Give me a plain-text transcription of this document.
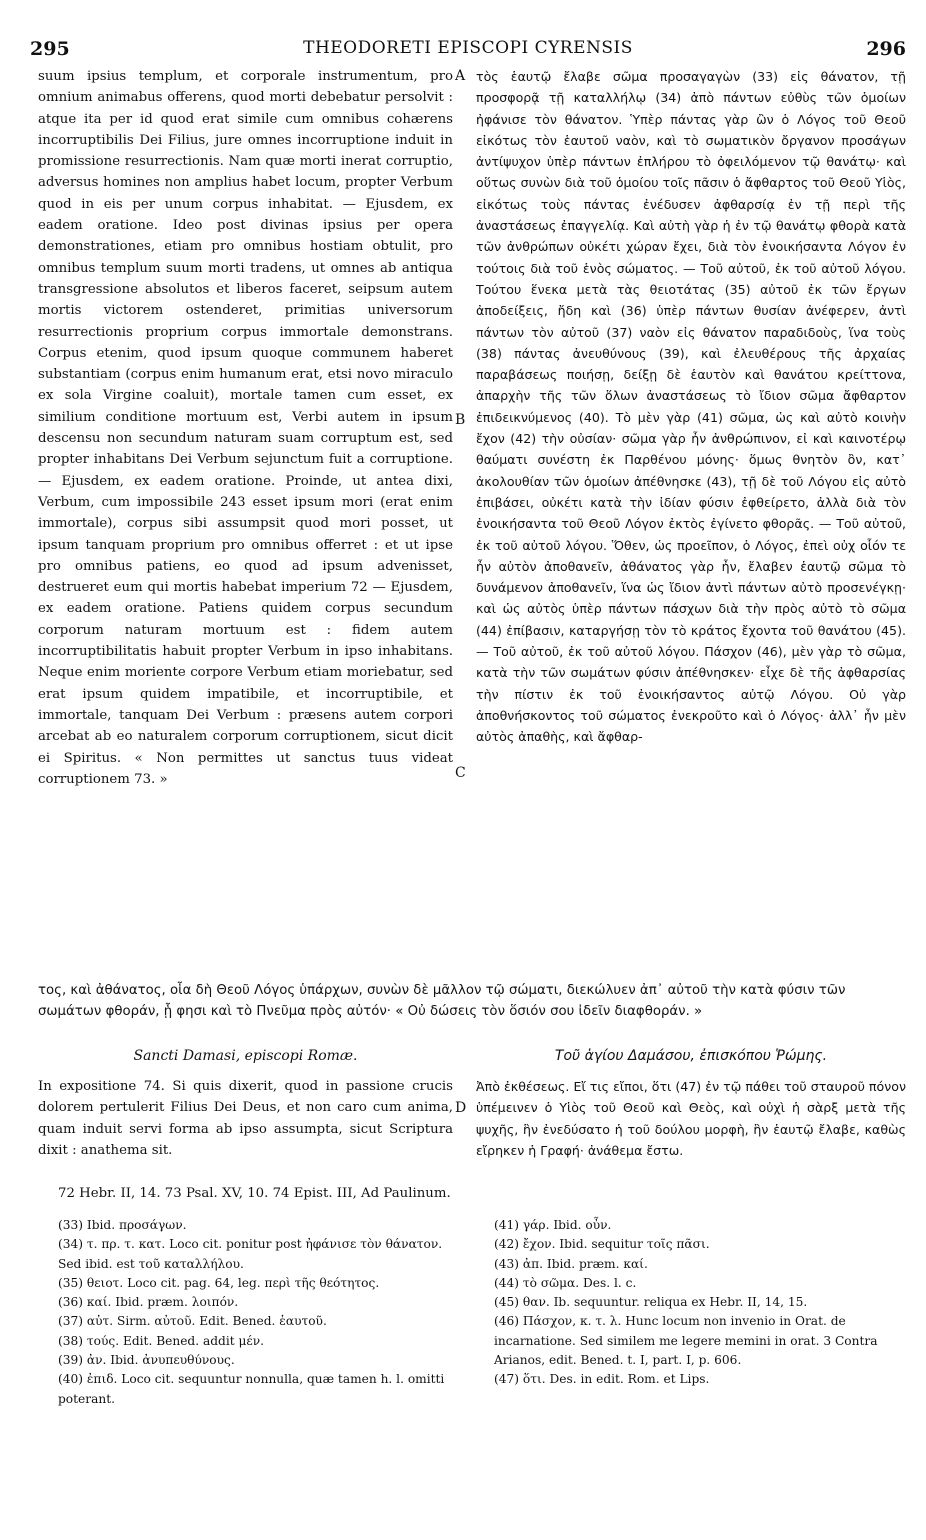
295	THEODORETI EPISCOPI CYRENSIS	296

suum ipsius templum, et corporale instrumentum, pro omnium animabus offerens, quod morti debebatur persolvit : atque ita per id quod erat simile cum omnibus cohærens incorruptibilis Dei Filius, jure omnes incorruptione induit in promissione resurrectionis. Nam quæ morti inerat corruptio, adversus homines non amplius habet locum, propter Verbum quod in eis per unum corpus inhabitat. — Ejusdem, ex eadem oratione. Ideo post divinas ipsius per opera demonstrationes, etiam pro omnibus hostiam obtulit, pro omnibus templum suum morti tradens, ut omnes ab antiqua transgressione absolutos et liberos faceret, seipsum autem mortis victorem ostenderet, primitias universorum resurrectionis proprium corpus immortale demonstrans. Corpus etenim, quod ipsum quoque communem haberet substantiam (corpus enim humanum erat, etsi novo miraculo ex sola Virgine coaluit), mortale tamen cum esset, ex similium conditione mortuum est, Verbi autem in ipsum descensu non secundum naturam suam corruptum est, sed propter inhabitans Dei Verbum sejunctum fuit a corruptione. — Ejusdem, ex eadem oratione. Proinde, ut antea dixi, Verbum, cum impossibile 243 esset ipsum mori (erat enim immortale), corpus sibi assumpsit quod mori posset, ut ipsum tanquam proprium pro omnibus offerret : et ut ipse pro omnibus patiens, eo quod ad ipsum advenisset, destrueret eum qui mortis habebat imperium 72 — Ejusdem, ex eadem oratione. Patiens quidem corpus secundum corporum naturam mortuum est : fidem autem incorruptibilitatis habuit propter Verbum in ipso inhabitans. Neque enim moriente corpore Verbum etiam moriebatur, sed erat ipsum quidem impatibile, et incorruptibile, et immortale, tanquam Dei Verbum : præsens autem corpori arcebat ab eo naturalem corporum corruptionem, sicut dicit ei Spiritus. « Non permittes ut sanctus tuus videat corruptionem 73. »

A
B
C
D

τὸς ἑαυτῷ ἔλαβε σῶμα προσαγαγὼν (33) εἰς θάνατον, τῇ προσφορᾷ τῇ καταλλήλῳ (34) ἀπὸ πάντων εὐθὺς τῶν ὁμοίων ἠφάνισε τὸν θάνατον. Ὑπὲρ πάντας γὰρ ὢν ὁ Λόγος τοῦ Θεοῦ εἰκότως τὸν ἑαυτοῦ ναὸν, καὶ τὸ σωματικὸν ὄργανον προσάγων ἀντίψυχον ὑπὲρ πάντων ἐπλήρου τὸ ὀφειλόμενον τῷ θανάτῳ· καὶ οὕτως συνὼν διὰ τοῦ ὁμοίου τοῖς πᾶσιν ὁ ἄφθαρτος τοῦ Θεοῦ Υἱὸς, εἰκότως τοὺς πάντας ἐνέδυσεν ἀφθαρσίᾳ ἐν τῇ περὶ τῆς ἀναστάσεως ἐπαγγελίᾳ. Καὶ αὐτὴ γὰρ ἡ ἐν τῷ θανάτῳ φθορὰ κατὰ τῶν ἀνθρώπων οὐκέτι χώραν ἔχει, διὰ τὸν ἐνοικήσαντα Λόγον ἐν τούτοις διὰ τοῦ ἑνὸς σώματος. — Τοῦ αὐτοῦ, ἐκ τοῦ αὐτοῦ λόγου. Τούτου ἕνεκα μετὰ τὰς θειοτάτας (35) αὐτοῦ ἐκ τῶν ἔργων ἀποδείξεις, ἤδη καὶ (36) ὑπὲρ πάντων θυσίαν ἀνέφερεν, ἀντὶ πάντων τὸν αὐτοῦ (37) ναὸν εἰς θάνατον παραδιδοὺς, ἵνα τοὺς (38) πάντας ἀνευθύνους (39), καὶ ἐλευθέρους τῆς ἀρχαίας παραβάσεως ποιήσῃ, δείξῃ δὲ ἑαυτὸν καὶ θανάτου κρείττονα, ἀπαρχὴν τῆς τῶν ὅλων ἀναστάσεως τὸ ἴδιον σῶμα ἄφθαρτον ἐπιδεικνύμενος (40). Τὸ μὲν γὰρ (41) σῶμα, ὡς καὶ αὐτὸ κοινὴν ἔχον (42) τὴν οὐσίαν· σῶμα γὰρ ἦν ἀνθρώπινον, εἰ καὶ καινοτέρῳ θαύματι συνέστη ἐκ Παρθένου μόνης· ὅμως θνητὸν ὂν, κατ᾽ ἀκολουθίαν τῶν ὁμοίων ἀπέθνησκε (43), τῇ δὲ τοῦ Λόγου εἰς αὐτὸ ἐπιβάσει, οὐκέτι κατὰ τὴν ἰδίαν φύσιν ἐφθείρετο, ἀλλὰ διὰ τὸν ἐνοικήσαντα τοῦ Θεοῦ Λόγον ἐκτὸς ἐγίνετο φθορᾶς. — Τοῦ αὐτοῦ, ἐκ τοῦ αὐτοῦ λόγου. Ὅθεν, ὡς προεῖπον, ὁ Λόγος, ἐπεὶ οὐχ οἷόν τε ἦν αὐτὸν ἀποθανεῖν, ἀθάνατος γὰρ ἦν, ἔλαβεν ἑαυτῷ σῶμα τὸ δυνάμενον ἀποθανεῖν, ἵνα ὡς ἴδιον ἀντὶ πάντων αὐτὸ προσενέγκῃ· καὶ ὡς αὐτὸς ὑπὲρ πάντων πάσχων διὰ τὴν πρὸς αὐτὸ τὸ σῶμα (44) ἐπίβασιν, καταργήσῃ τὸν τὸ κράτος ἔχοντα τοῦ θανάτου (45). — Τοῦ αὐτοῦ, ἐκ τοῦ αὐτοῦ λόγου. Πάσχον (46), μὲν γὰρ τὸ σῶμα, κατὰ τὴν τῶν σωμάτων φύσιν ἀπέθνησκεν· εἶχε δὲ τῆς ἀφθαρσίας τὴν πίστιν ἐκ τοῦ ἐνοικήσαντος αὐτῷ Λόγου. Οὐ γὰρ ἀποθνήσκοντος τοῦ σώματος ἐνεκροῦτο καὶ ὁ Λόγος· ἀλλ᾽ ἦν μὲν αὐτὸς ἀπαθὴς, καὶ ἄφθαρ-

τος, καὶ ἀθάνατος, οἷα δὴ Θεοῦ Λόγος ὑπάρχων, συνὼν δὲ μᾶλλον τῷ σώματι, διεκώλυεν ἀπ᾽ αὐτοῦ τὴν κατὰ φύσιν τῶν σωμάτων φθοράν, ᾗ φησι καὶ τὸ Πνεῦμα πρὸς αὐτόν· « Οὐ δώσεις τὸν ὅσιόν σου ἰδεῖν διαφθοράν. »
Sancti Damasi, episcopi Romæ.	Τοῦ ἁγίου Δαμάσου, ἐπισκόπου Ῥώμης.

In expositione 74. Si quis dixerit, quod in passione crucis dolorem pertulerit Filius Dei Deus, et non caro cum anima, quam induit servi forma ab ipso assumpta, sicut Scriptura dixit : anathema sit.

Ἀπὸ ἐκθέσεως. Εἴ τις εἴποι, ὅτι (47) ἐν τῷ πάθει τοῦ σταυροῦ πόνον ὑπέμεινεν ὁ Υἱὸς τοῦ Θεοῦ καὶ Θεὸς, καὶ οὐχὶ ἡ σὰρξ μετὰ τῆς ψυχῆς, ἣν ἐνεδύσατο ἡ τοῦ δούλου μορφὴ, ἣν ἑαυτῷ ἔλαβε, καθὼς εἴρηκεν ἡ Γραφή· ἀνάθεμα ἔστω.

72 Hebr. II, 14. 73 Psal. XV, 10. 74 Epist. III, Ad Paulinum.
(33) Ibid. προσάγων.
(34) τ. πρ. τ. κατ. Loco cit. ponitur post ἠφάνισε τὸν θάνατον. Sed ibid. est τοῦ καταλλήλου.
(35) θειοτ. Loco cit. pag. 64, leg. περὶ τῆς θεότητος.
(36) καί. Ibid. præm. λοιπόν.
(37) αὐτ. Sirm. αὐτοῦ. Edit. Bened. ἑαυτοῦ.
(38) τούς. Edit. Bened. addit μέν.
(39) ἀν. Ibid. ἀνυπευθύνους.
(40) ἐπιδ. Loco cit. sequuntur nonnulla, quæ tamen h. l. omitti poterant.
(41) γάρ. Ibid. οὖν.
(42) ἔχον. Ibid. sequitur τοῖς πᾶσι.
(43) ἀπ. Ibid. præm. καί.
(44) τὸ σῶμα. Des. l. c.
(45) θαν. Ib. sequuntur. reliqua ex Hebr. II, 14, 15.
(46) Πάσχον, κ. τ. λ. Hunc locum non invenio in Orat. de incarnatione. Sed similem me legere memini in orat. 3 Contra Arianos, edit. Bened. t. I, part. I, p. 606.
(47) ὅτι. Des. in edit. Rom. et Lips.
